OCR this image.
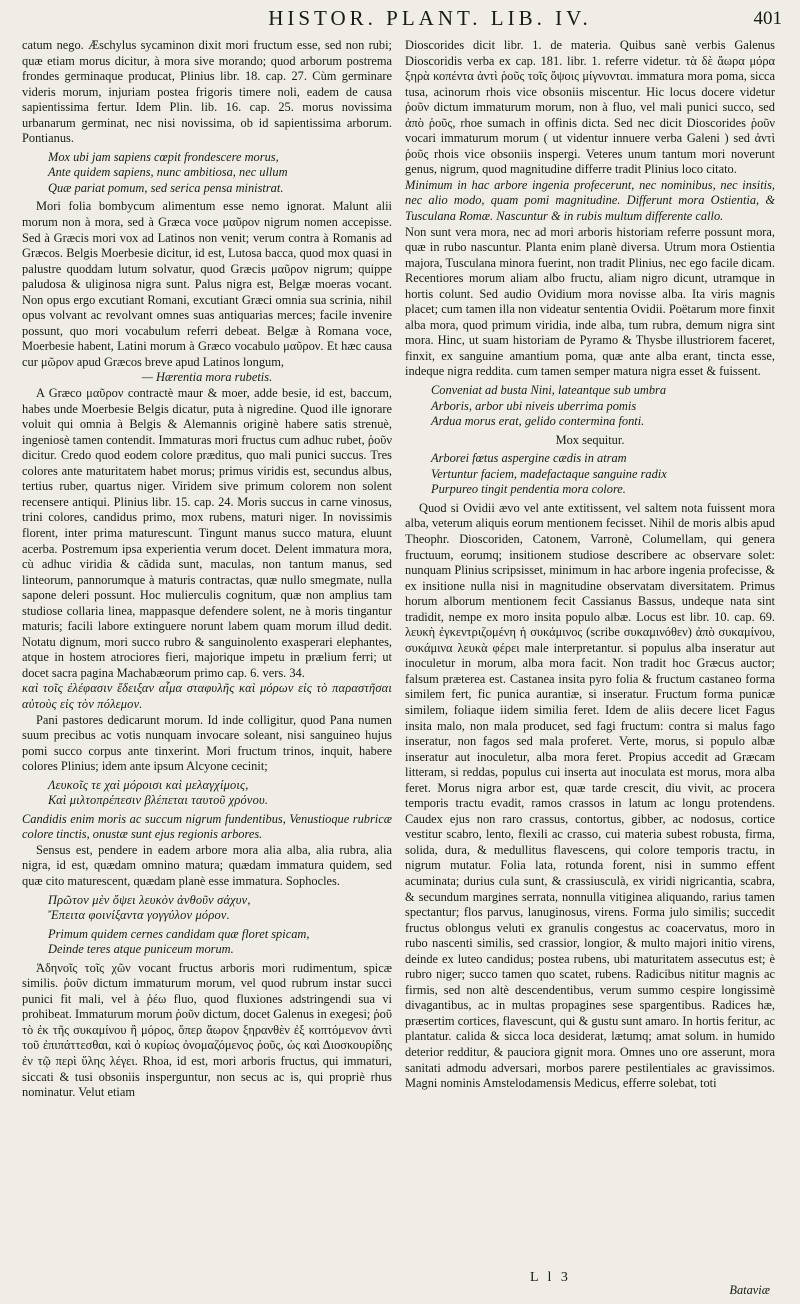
HISTOR. PLANT. LIB. IV.	401

catum nego. Æschylus sycaminon dixit mori fructum esse, sed non rubi; quæ etiam morus dicitur, à mora sive morando; quod arborum postrema frondes germinaque producat, Plinius libr. 18. cap. 27. Cùm germinare videris morum, injuriam postea frigoris timere noli, eadem de causa sapientissima fertur. Idem Plin. lib. 16. cap. 25. morus novissima urbanarum germinat, nec nisi novissima, ob id sapientissima arborum. Pontianus.

Mox ubi jam sapiens cœpit frondescere morus,
Ante quidem sapiens, nunc ambitiosa, nec ullum
Quæ pariat pomum, sed serica pensa ministrat.

Mori folia bombycum alimentum esse nemo ignorat. Malunt alii morum non à mora, sed à Græca voce μαῦρον nigrum nomen accepisse. Sed à Græcis mori vox ad Latinos non venit; verum contra à Romanis ad Græcos. Belgis Moerbesie dicitur, id est, Lutosa bacca, quod mox quasi in palustre quoddam lutum solvatur, quod Græcis μαῦρον nigrum; quippe paludosa & uliginosa nigra sunt. Palus nigra est, Belgæ moeras vocant. Non opus ergo excutiant Romani, excutiant Græci omnia sua scrinia, nihil opus volvant ac revolvant omnes suas antiquarias merces; facile invenire possunt, quo mori vocabulum referri debeat. Belgæ à Romana voce, Moerbesie habent, Latini morum à Græco vocabulo μαῦρον. Et hæc causa cur μῶρον apud Græcos breve apud Latinos longum,

— Hærentia mora rubetis.

A Græco μαῦρον contractè maur & moer, adde besie, id est, baccum, habes unde Moerbesie Belgis dicatur, puta à nigredine. Quod ille ignorare voluit qui omnia à Belgis & Alemannis originè habere satis strenuè, ingeniosè tamen contendit. Immaturas mori fructus cum adhuc rubet, ῥοῦν dicitur. Credo quod eodem colore præditus, quo mali punici succus. Tres colores ante maturitatem habet morus; primus viridis est, secundus albus, tertius ruber, quartus niger. Viridem sive primum colorem non solent recensere antiqui. Plinius libr. 15. cap. 24. Moris succus in carne vinosus, trini colores, candidus primo, mox rubens, maturi niger. In novissimis florent, inter prima maturescunt. Tingunt manus succo matura, eluunt acerba. Postremum ipsa experientia verum docet. Delent immatura mora, cù adhuc viridia & cădida sunt, maculas, non tantum manus, sed linteorum, pannorumque à maturis contractas, quæ nullo smegmate, nulla sapone deleri possunt. Hoc mulierculis cognitum, quæ non amplius tam studiose collaria linea, mappasque defendere solent, ne à moris tingantur maturis; facili labore extinguere norunt labem quam morum illud dedit. Notatu dignum, mori succo rubro & sanguinolento exasperari elephantes, atque in hostem atrociores fieri, majorique impetu in prælium ferri; ut docet sacra pagina Machabæorum primo cap. 6. vers. 34.

καὶ τοῖς ἐλέφασιν ἔδειξαν αἷμα σταφυλῆς καὶ μόρων εἰς τὸ παραστῆσαι αὐτοὺς εἰς τὸν πόλεμον.

Pani pastores dedicarunt morum. Id inde colligitur, quod Pana numen suum precibus ac votis nunquam invocare soleant, nisi sanguineo hujus pomi succo corpus ante tinxerint. Mori fructum trinos, inquit, habere colores Plinius; idem ante ipsum Alcyone cecinit;

Λευκοῖς τε χαὶ μόροισι καὶ μελαγχίμοις,
Καὶ μιλτοπρέπεσιν βλέπεται ταυτοῦ χρόνου.

Candidis enim moris ac succum nigrum fundentibus, Venustioque rubricæ colore tinctis, onustæ sunt ejus regionis arbores.

Sensus est, pendere in eadem arbore mora alia alba, alia rubra, alia nigra, id est, quædam omnino matura; quædam immatura quidem, sed quæ cito maturescent, quædam planè esse immatura. Sophocles.

Πρῶτον μὲν ὄψει λευκὸν ἀνθοῦν σάχυν,
Ἔπειτα φοινίξαντα γογγύλον μόρον.
Primum quidem cernes candidam quæ floret spicam,
Deinde teres atque puniceum morum.

Ἀδηνοῖς τοῖς χῶν vocant fructus arboris mori rudimentum, spicæ similis. ῥοῦν dictum immaturum morum, vel quod rubrum instar succi punici fit mali, vel à ῥέω fluo, quod fluxiones adstringendi sua vi prohibeat. Immaturum morum ῥοῦν dictum, docet Galenus in exegesi; ῥοῦ τὸ ἐκ τῆς συκαμίνου ἢ μόρος, ὅπερ ἄωρον ξηρανθὲν ἐξ κοπτόμενον ἀντὶ τοῦ ἐπιπάττεσθαι, καὶ ὁ κυρίως ὀνομαζόμενος ῥοῦς, ὡς καὶ Διοσκουρίδης ἐν τῷ περὶ ὕλης λέγει. Rhoa, id est, mori arboris fructus, qui immaturi, siccati & tusi obsoniis insperguntur, non secus ac is, qui propriè rhus nominatur. Velut etiam

Dioscorides dicit libr. 1. de materia. Quibus sanè verbis Galenus Dioscoridis verba ex cap. 181. libr. 1. referre videtur. τὰ δὲ ἄωρα μόρα ξηρὰ κοπέντα ἀντὶ ῥοῦς τοῖς ὄψοις μίγνυνται. immatura mora poma, sicca tusa, acinorum rhois vice obsoniis miscentur. Hic locus docere videtur ῥοῦν dictum immaturum morum, non à fluo, vel mali punici succo, sed ἀπὸ ῥοῦς, rhoe sumach in offinis dicta. Sed nec dicit Dioscorides ῥοῦν vocari immaturum morum ( ut videntur innuere verba Galeni ) sed ἀντὶ ῥοῦς rhois vice obsoniis inspergi. Veteres unum tantum mori noverunt genus, nigrum, quod magnitudine differre tradit Plinius loco citato.

Minimum in hac arbore ingenia profecerunt, nec nominibus, nec insitis, nec alio modo, quam pomi magnitudine. Differunt mora Ostientia, & Tusculana Romæ. Nascuntur & in rubis multum differente callo.

Non sunt vera mora, nec ad mori arboris historiam referre possunt mora, quæ in rubo nascuntur. Planta enim planè diversa. Utrum mora Ostientia majora, Tusculana minora fuerint, non tradit Plinius, nec ego facile dicam. Recentiores morum aliam albo fructu, aliam nigro dicunt, utramque in hortis colunt. Sed audio Ovidium mora novisse alba. Ita viris magnis placet; cum tamen illa non videatur sententia Ovidii. Poëtarum more finxit alba mora, quod primum viridia, inde alba, tum rubra, demum nigra sint mora. Hinc, ut suam historiam de Pyramo & Thysbe illustriorem faceret, finxit, ex sanguine amantium poma, quæ ante alba erant, tincta esse, indeque nigra reddita. cum tamen semper matura nigra esset & fuissent.

Conveniat ad busta Nini, lateantque sub umbra
Arboris, arbor ubi niveis uberrima pomis
Ardua morus erat, gelido contermina fonti.

Mox sequitur.

Arborei fœtus aspergine cædis in atram
Vertuntur faciem, madefactaque sanguine radix
Purpureo tingit pendentia mora colore.

Quod si Ovidii ævo vel ante extitissent, vel saltem nota fuissent mora alba, veterum aliquis eorum mentionem fecisset. Nihil de moris albis apud Theophr. Dioscoriden, Catonem, Varronè, Columellam, qui genera fructuum, eorumq; insitionem studiose describere ac observare solet: nunquam Plinius scripsisset, minimum in hac arbore ingenia profecisse, & ex insitione nulla nisi in magnitudine observatam diversitatem. Primus horum alborum mentionem fecit Cassianus Bassus, undeque nata sint tradidit, nempe ex moro insita populo albæ. Locus est libr. 10. cap. 69. λευκὴ ἐγκεντριζομένη ἡ συκάμινος (scribe συκαμινόθεν) ἀπὸ συκαμίνου, συκάμινα λευκὰ φέρει male interpretantur. si populus alba inseratur aut inoculetur in morum, alba mora facit. Non tradit hoc Græcus auctor; falsum præterea est. Castanea insita pyro folia & fructum castaneo forma similem fert, fic punica aurantiæ, si inseratur. Fructum forma punicæ similem, foliaque iidem similia feret. Idem de aliis decere licet Fagus insita malo, non mala producet, sed fagi fructum: contra si malus fago inseratur, non fagos sed mala proferet. Verte, morus, si populo albæ inseratur aut inoculetur, alba mora feret. Propius accedit ad Græcam litteram, si reddas, populus cui inserta aut inoculata est morus, mora alba feret. Morus nigra arbor est, quæ tarde crescit, diu vivit, ac procera temporis tractu evadit, ramos crassos in latum ac longu protendens. Caudex ejus non raro crassus, contortus, gibber, ac nodosus, cortice vestitur scabro, lento, flexili ac crasso, cui materia subest robusta, firma, solida, dura, & medullitus flavescens, qui colore temporis tractu, in nigrum mutatur. Folia lata, rotunda forent, nisi in summo effent acuminata; durius cula sunt, & crassiusculà, ex viridi nigricantia, scabra, & secundum margines serrata, nonnulla vitiginea aliquando, rarius tamen spectantur; flos parvus, lanuginosus, virens. Forma julo similis; succedit fructus oblongus veluti ex granulis congestus ac coacervatus, moro in rubo nascenti similis, sed crassior, longior, & multo majori initio virens, deinde ex luteo candidus; postea rubens, ubi maturitatem assecutus est; è rubro niger; succo tamen quo scatet, rubens. Radicibus nititur magnis ac firmis, sed non altè descendentibus, verum summo cespire longissimè divagantibus, ac in multas propagines sese spargentibus. Radices hæ, præsertim cortices, flavescunt, qui & gustu sunt amaro. In hortis feritur, ac plantatur. calida & sicca loca desiderat, lætumq; amat solum. in humido deterior redditur, & pauciora gignit mora. Omnes uno ore asserunt, mora sanitati admodu adversari, morbos parere pestilentiales ac gravissimos. Magni nominis Amstelodamensis Medicus, efferre solebat, toti

L l 3
Bataviæ
